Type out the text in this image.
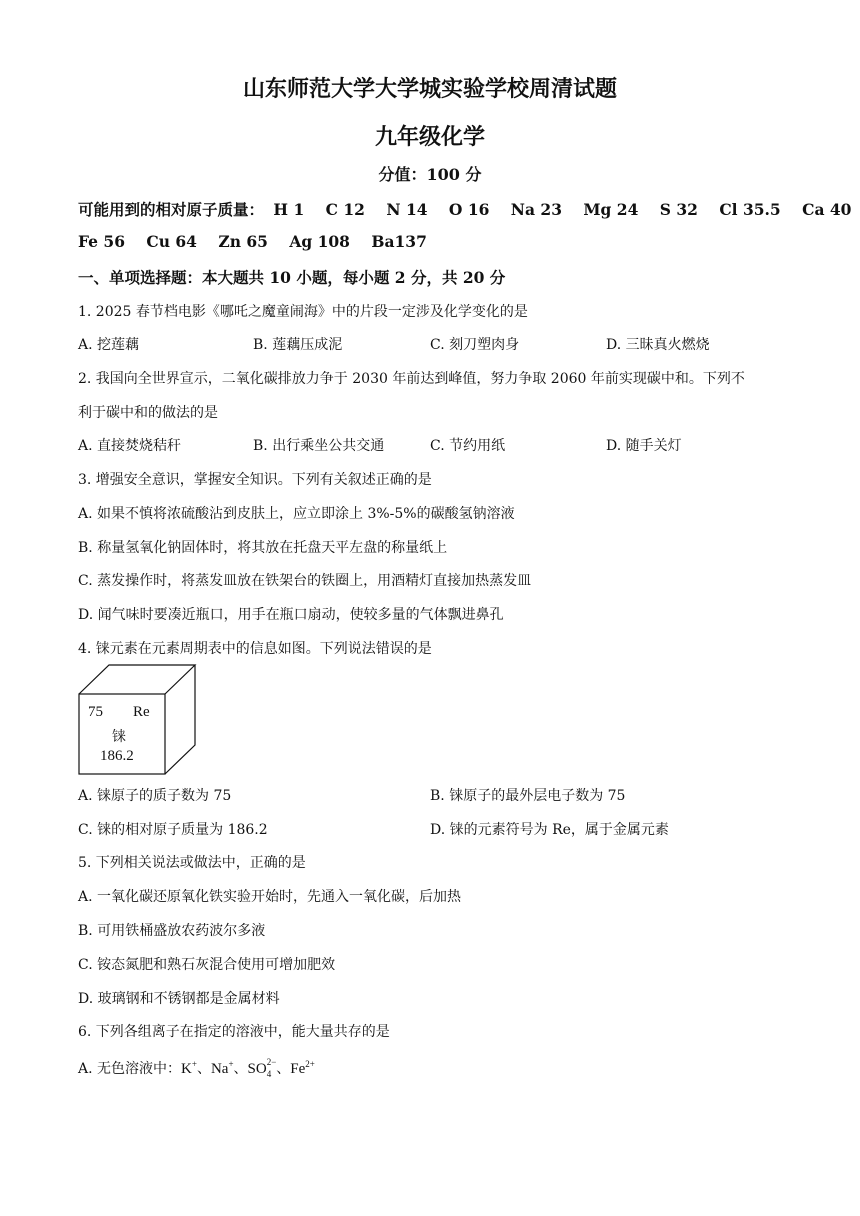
山东师范大学大学城实验学校周清试题
九年级化学
分值：100 分
可能用到的相对原子质量： H 1 C 12 N 14 O 16 Na 23 Mg 24 S 32 Cl 35.5 Ca 40
Fe 56 Cu 64 Zn 65 Ag 108 Ba137
一、单项选择题：本大题共 10 小题，每小题 2 分，共 20 分
1. 2025 春节档电影《哪吒之魔童闹海》中的片段一定涉及化学变化的是
A. 挖莲藕	B. 莲藕压成泥	C. 刻刀塑肉身	D. 三昧真火燃烧
2. 我国向全世界宣示，二氧化碳排放力争于 2030 年前达到峰值，努力争取 2060 年前实现碳中和。下列不
利于碳中和的做法的是
A. 直接焚烧秸秆	B. 出行乘坐公共交通	C. 节约用纸	D. 随手关灯
3. 增强安全意识，掌握安全知识。下列有关叙述正确的是
A. 如果不慎将浓硫酸沾到皮肤上，应立即涂上 3%-5%的碳酸氢钠溶液
B. 称量氢氧化钠固体时，将其放在托盘天平左盘的称量纸上
C. 蒸发操作时，将蒸发皿放在铁架台的铁圈上，用酒精灯直接加热蒸发皿
D. 闻气味时要凑近瓶口，用手在瓶口扇动，使较多量的气体飘进鼻孔
4. 铼元素在元素周期表中的信息如图。下列说法错误的是
75 Re
铼
186.2
A. 铼原子的质子数为 75	B. 铼原子的最外层电子数为 75
C. 铼的相对原子质量为 186.2	D. 铼的元素符号为 Re，属于金属元素
5. 下列相关说法或做法中，正确的是
A. 一氧化碳还原氧化铁实验开始时，先通入一氧化碳，后加热
B. 可用铁桶盛放农药波尔多液
C. 铵态氮肥和熟石灰混合使用可增加肥效
D. 玻璃钢和不锈钢都是金属材料
6. 下列各组离子在指定的溶液中，能大量共存的是
A. 无色溶液中：K+、Na+、$SO^{2-}$
4 、$Fe^{2+}$
